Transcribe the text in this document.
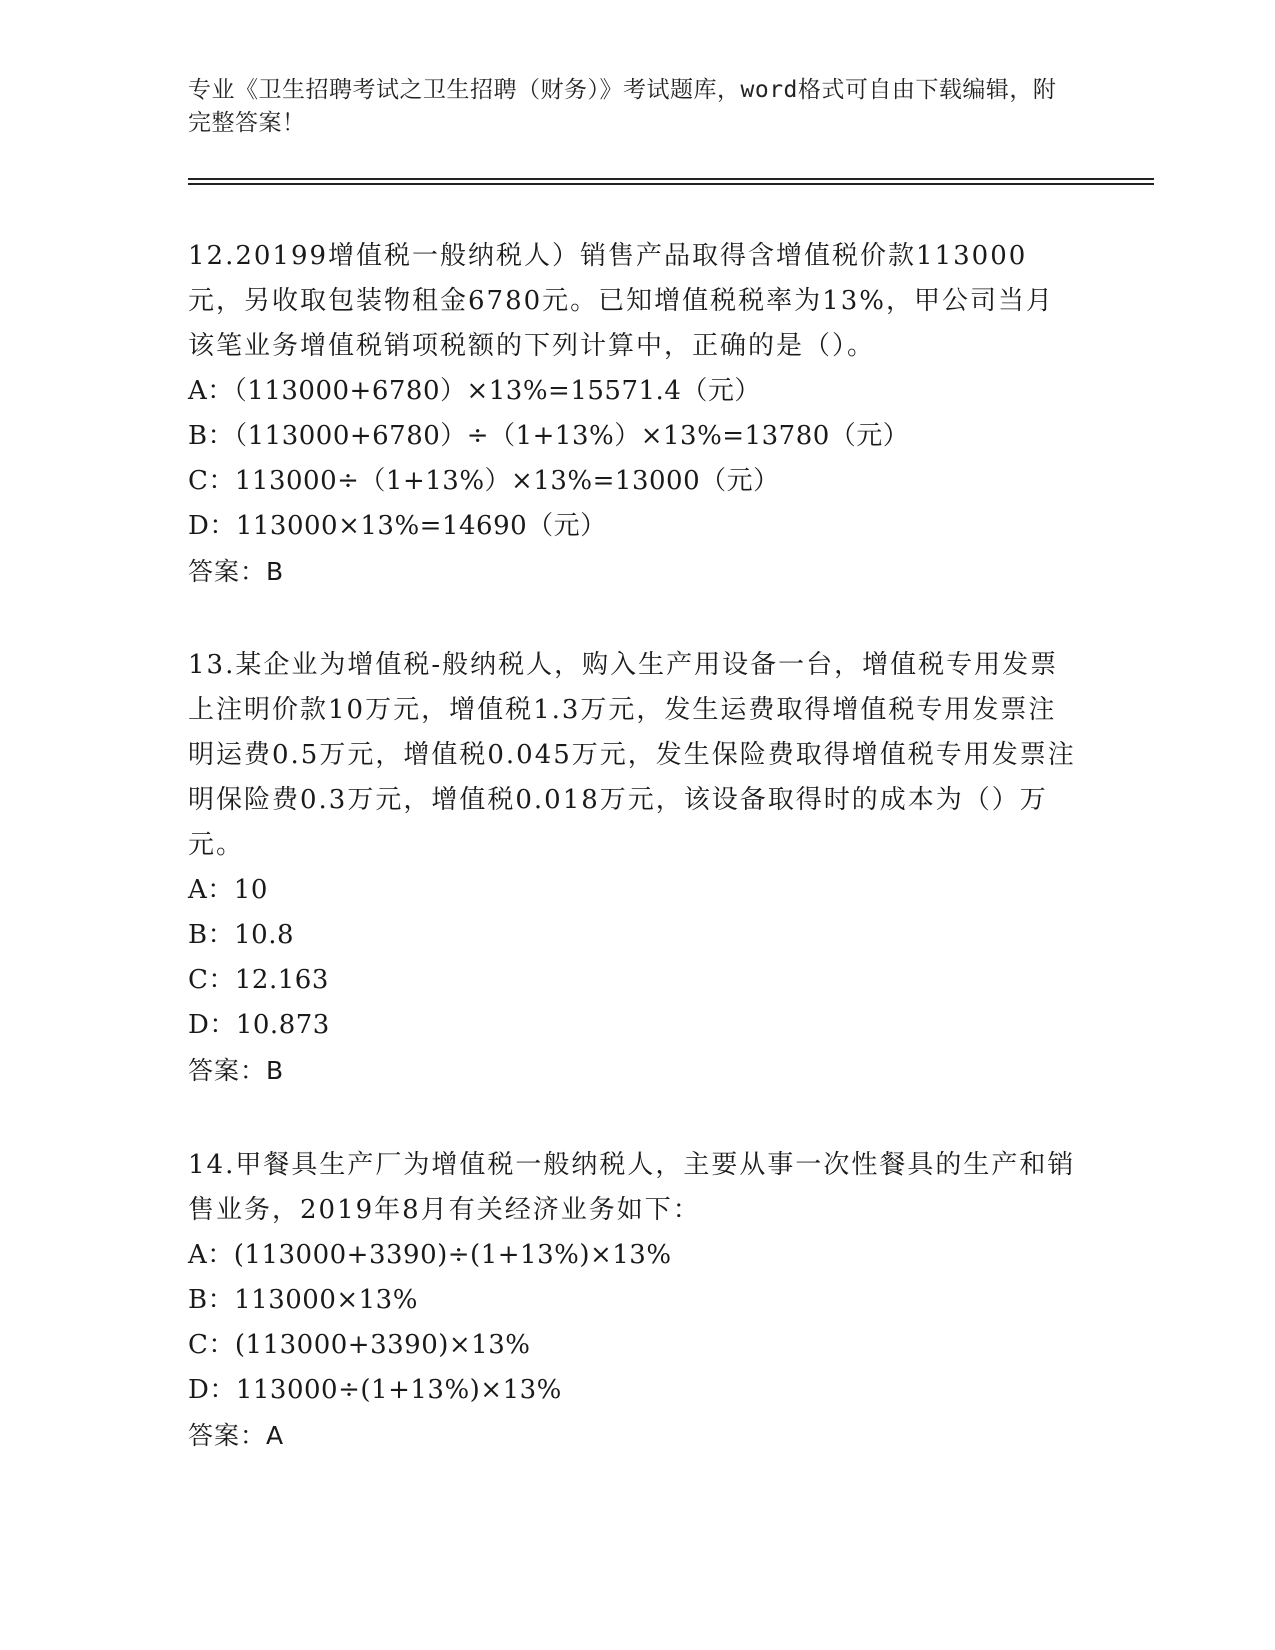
专业《卫生招聘考试之卫生招聘（财务）》考试题库，word格式可自由下载编辑，附完整答案！
12.20199增值税一般纳税人）销售产品取得含增值税价款113000元，另收取包装物租金6780元。已知增值税税率为13%，甲公司当月该笔业务增值税销项税额的下列计算中，正确的是（）。
A：（113000+6780）×13%=15571.4（元）
B：（113000+6780）÷（1+13%）×13%=13780（元）
C：113000÷（1+13%）×13%=13000（元）
D：113000×13%=14690（元）
答案：B
13.某企业为增值税-般纳税人，购入生产用设备一台，增值税专用发票上注明价款10万元，增值税1.3万元，发生运费取得增值税专用发票注明运费0.5万元，增值税0.045万元，发生保险费取得增值税专用发票注明保险费0.3万元，增值税0.018万元，该设备取得时的成本为（）万元。
A：10
B：10.8
C：12.163
D：10.873
答案：B
14.甲餐具生产厂为增值税一般纳税人，主要从事一次性餐具的生产和销售业务，2019年8月有关经济业务如下：
A：(113000+3390)÷(1+13%)×13%
B：113000×13%
C：(113000+3390)×13%
D：113000÷(1+13%)×13%
答案：A
